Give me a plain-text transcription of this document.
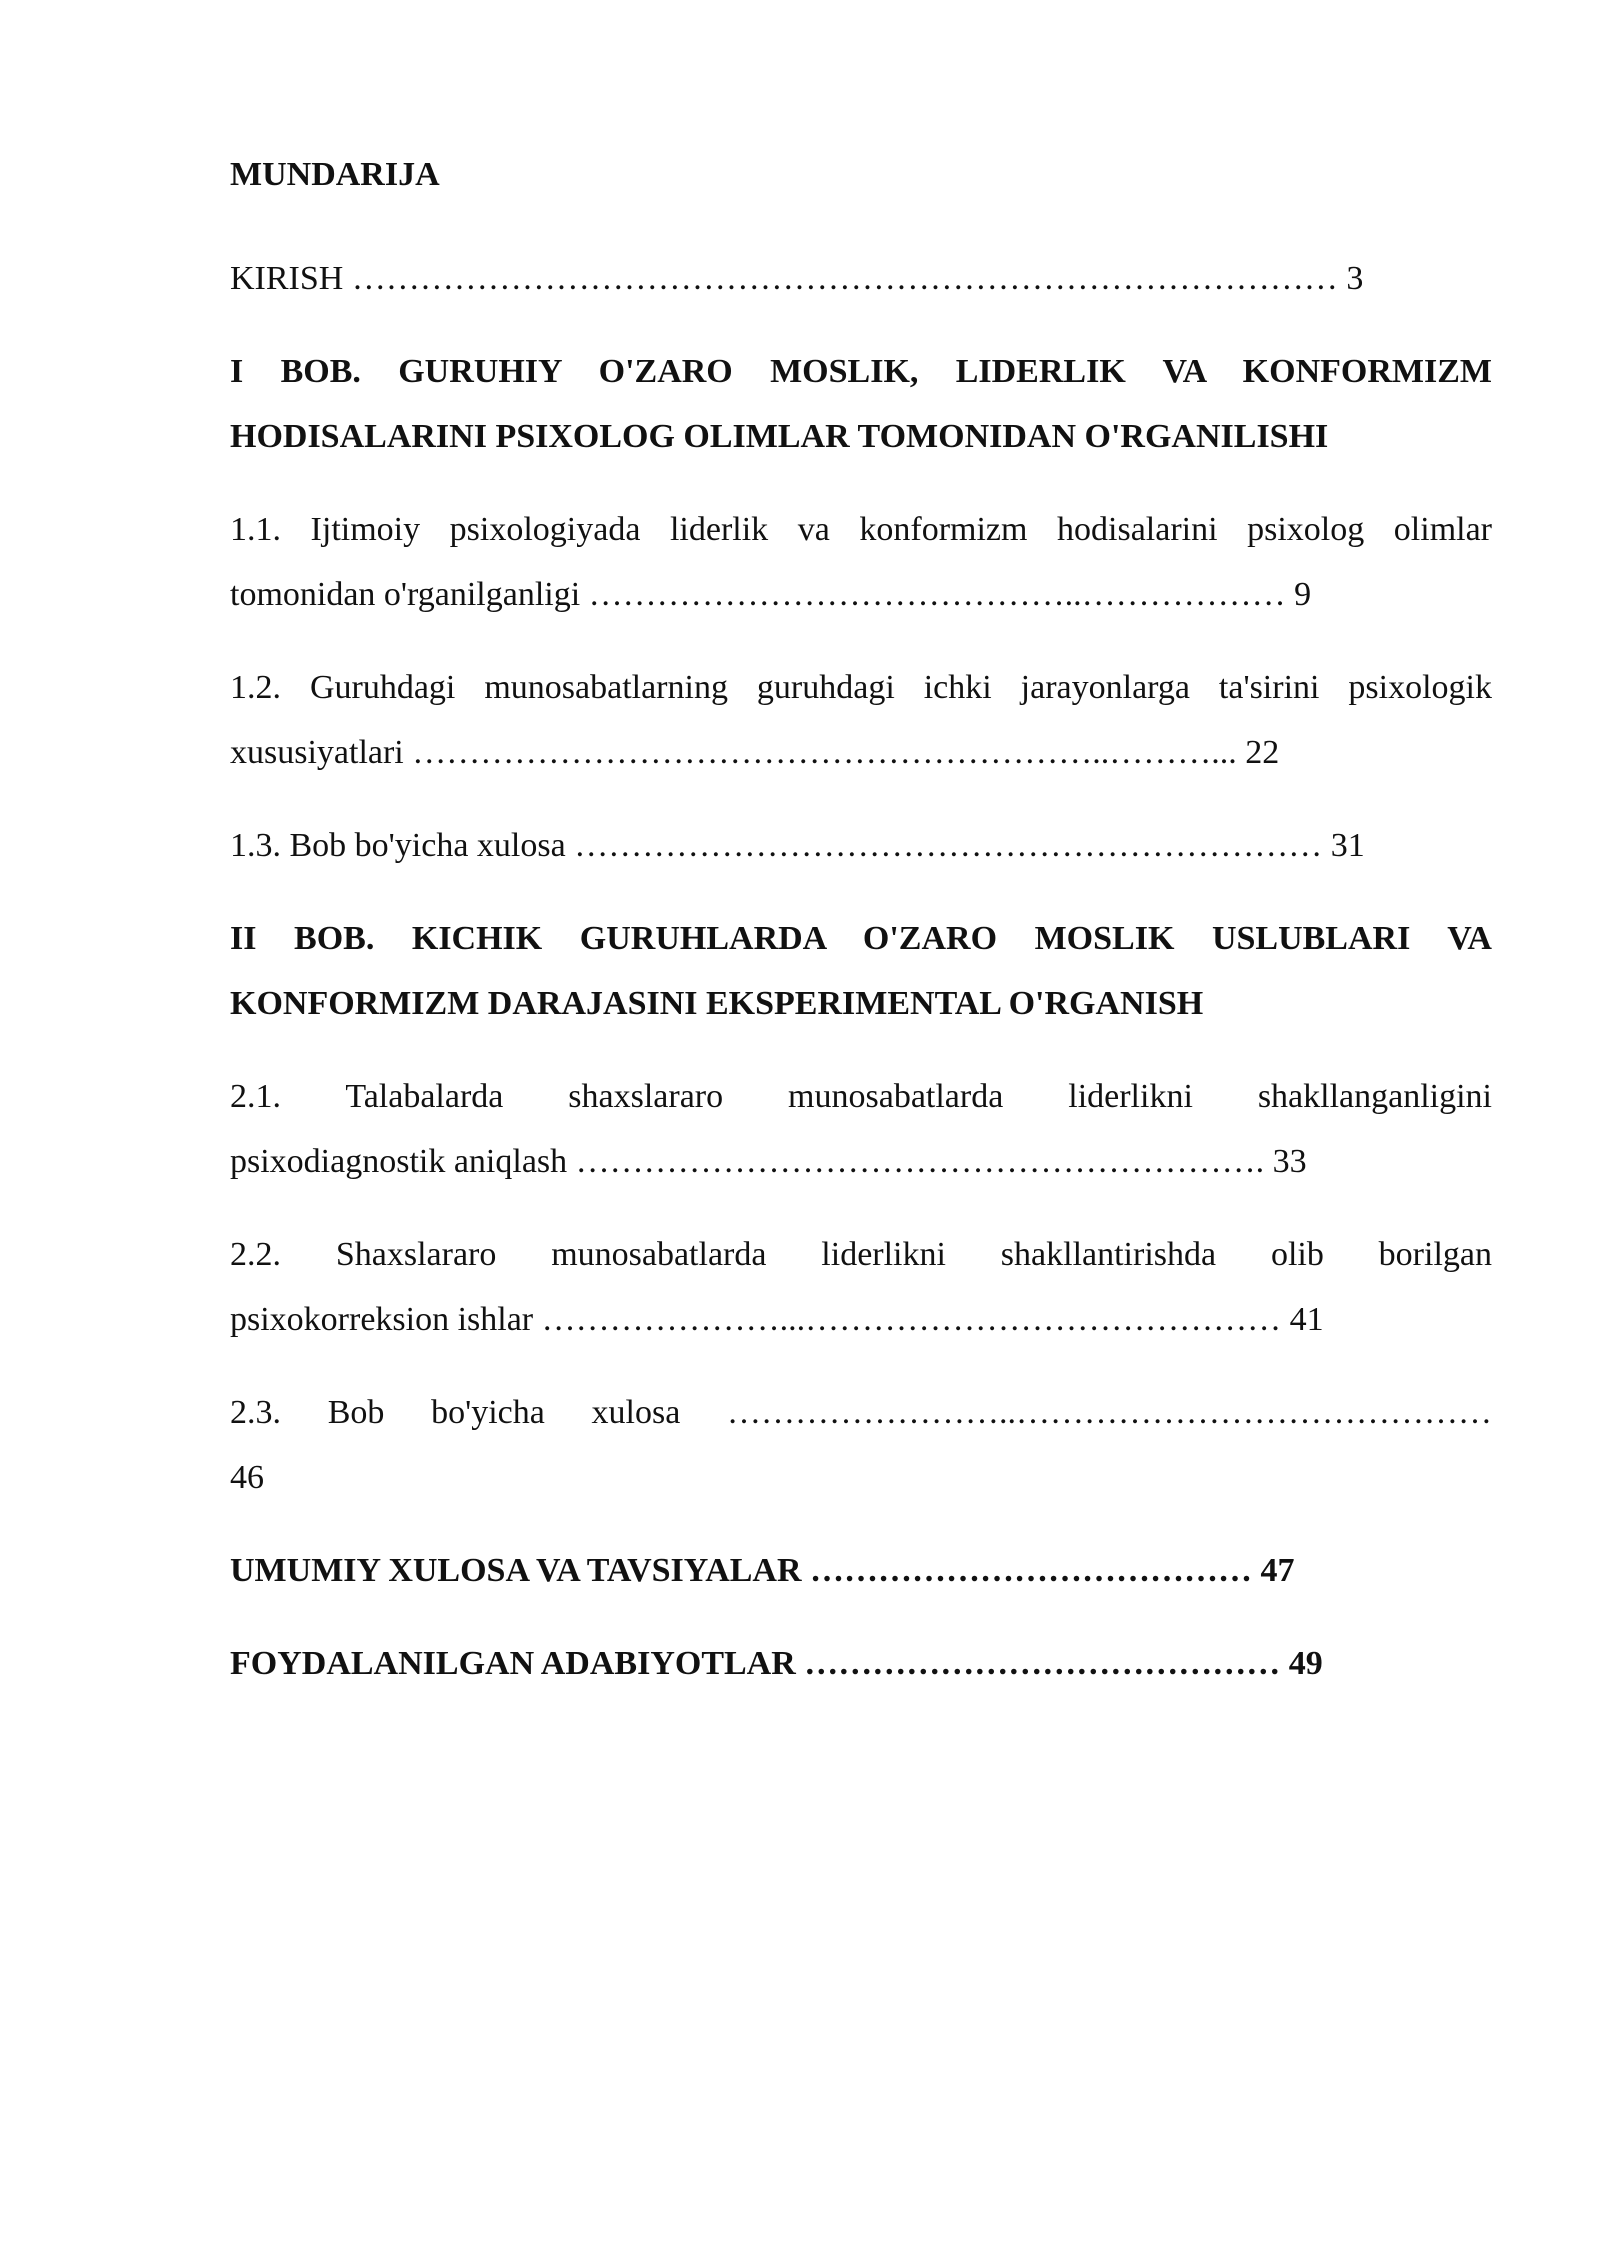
MUNDARIJA
KIRISH …………………………………………………………………………… 3
I BOB. GURUHIY O'ZARO MOSLIK, LIDERLIK VA KONFORMIZM
HODISALARINI PSIXOLOG OLIMLAR TOMONIDAN O'RGANILISHI
1.1. Ijtimoiy psixologiyada liderlik va konformizm hodisalarini psixolog olimlar
tomonidan o'rganilganligi ……………………………………..……………… 9
1.2. Guruhdagi munosabatlarning guruhdagi ichki jarayonlarga ta'sirini psixologik
xususiyatlari ……………………………………………………..………... 22
1.3. Bob bo'yicha xulosa ………………………………………………………… 31
II BOB. KICHIK GURUHLARDA O'ZARO MOSLIK USLUBLARI VA
KONFORMIZM DARAJASINI EKSPERIMENTAL O'RGANISH
2.1. Talabalarda shaxslararo munosabatlarda liderlikni shakllanganligini
psixodiagnostik aniqlash ……………………………………………………. 33
2.2. Shaxslararo munosabatlarda liderlikni shakllantirishda olib borilgan
psixokorreksion ishlar …………………...…………………………………… 41
2.3. Bob bo'yicha xulosa ……………………..……………………………………
46
UMUMIY XULOSA VA TAVSIYALAR ………………………………… 47
FOYDALANILGAN ADABIYOTLAR …………………………………… 49
